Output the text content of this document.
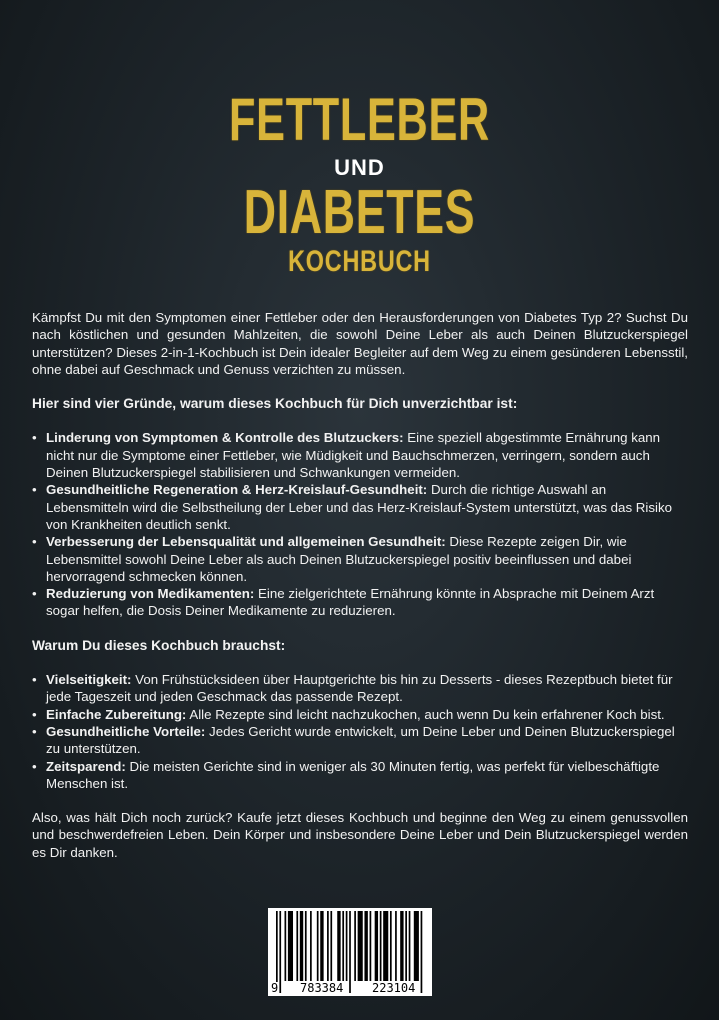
FETTLEBER
UND
DIABETES
KOCHBUCH

Kämpfst Du mit den Symptomen einer Fettleber oder den Herausforderungen von Diabetes Typ 2? Suchst Du nach köstlichen und gesunden Mahlzeiten, die sowohl Deine Leber als auch Deinen Blutzuckerspiegel unterstützen? Dieses 2-in-1-Kochbuch ist Dein idealer Begleiter auf dem Weg zu einem gesünderen Lebensstil, ohne dabei auf Geschmack und Genuss verzichten zu müssen.

Hier sind vier Gründe, warum dieses Kochbuch für Dich unverzichtbar ist:
• Linderung von Symptomen & Kontrolle des Blutzuckers: Eine speziell abgestimmte Ernährung kann nicht nur die Symptome einer Fettleber, wie Müdigkeit und Bauchschmerzen, verringern, sondern auch Deinen Blutzuckerspiegel stabilisieren und Schwankungen vermeiden.
• Gesundheitliche Regeneration & Herz-Kreislauf-Gesundheit: Durch die richtige Auswahl an Lebensmitteln wird die Selbstheilung der Leber und das Herz-Kreislauf-System unterstützt, was das Risiko von Krankheiten deutlich senkt.
• Verbesserung der Lebensqualität und allgemeinen Gesundheit: Diese Rezepte zeigen Dir, wie Lebensmittel sowohl Deine Leber als auch Deinen Blutzuckerspiegel positiv beeinflussen und dabei hervorragend schmecken können.
• Reduzierung von Medikamenten: Eine zielgerichtete Ernährung könnte in Absprache mit Deinem Arzt sogar helfen, die Dosis Deiner Medikamente zu reduzieren.
Warum Du dieses Kochbuch brauchst:
• Vielseitigkeit: Von Frühstücksideen über Hauptgerichte bis hin zu Desserts - dieses Rezeptbuch bietet für jede Tageszeit und jeden Geschmack das passende Rezept.
• Einfache Zubereitung: Alle Rezepte sind leicht nachzukochen, auch wenn Du kein erfahrener Koch bist.
• Gesundheitliche Vorteile: Jedes Gericht wurde entwickelt, um Deine Leber und Deinen Blutzuckerspiegel zu unterstützen.
• Zeitsparend: Die meisten Gerichte sind in weniger als 30 Minuten fertig, was perfekt für vielbeschäftigte Menschen ist.

Also, was hält Dich noch zurück? Kaufe jetzt dieses Kochbuch und beginne den Weg zu einem genussvollen und beschwerdefreien Leben. Dein Körper und insbesondere Deine Leber und Dein Blutzuckerspiegel werden es Dir danken.

9	783384	223104
